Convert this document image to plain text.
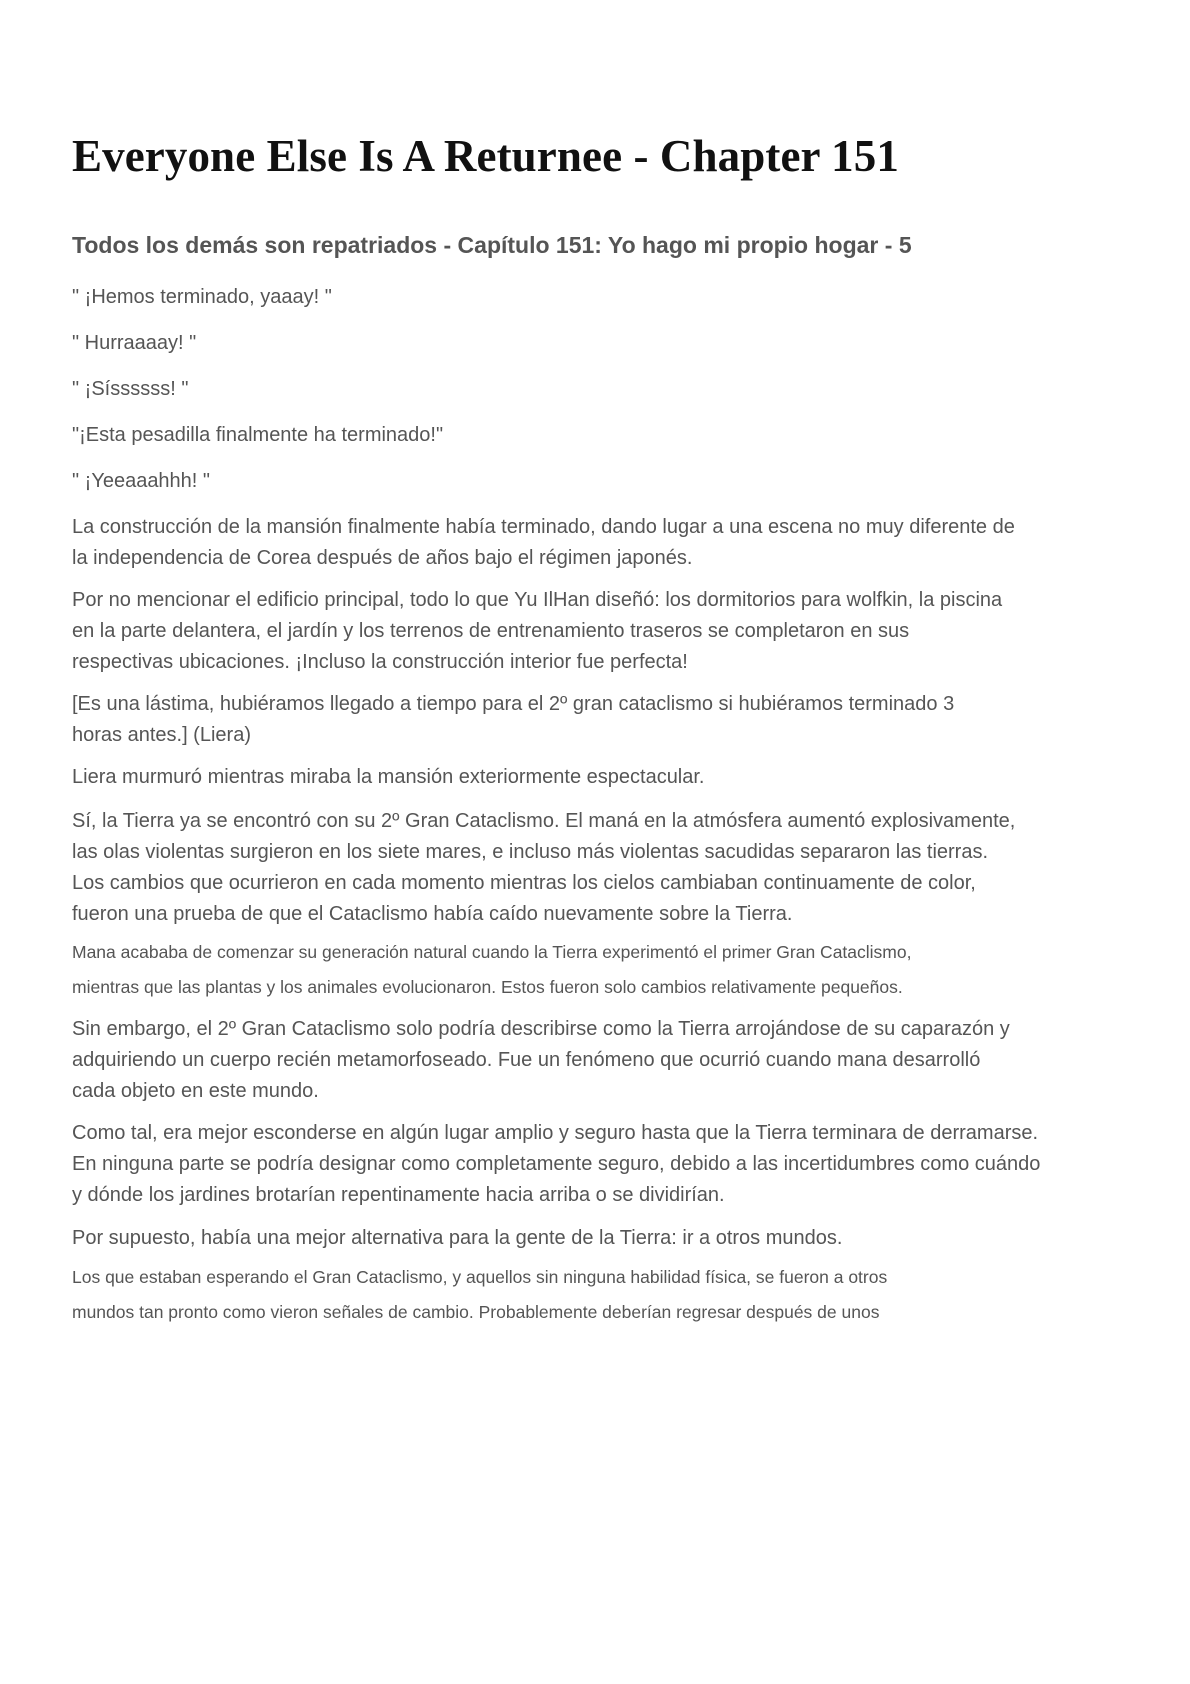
Everyone Else Is A Returnee - Chapter 151
Todos los demás son repatriados - Capítulo 151: Yo hago mi propio hogar - 5

" ¡Hemos terminado, yaaay! "

" Hurraaaay! "

" ¡Síssssss! "

"¡Esta pesadilla finalmente ha terminado!"

" ¡Yeeaaahhh! "

La construcción de la mansión finalmente había terminado, dando lugar a una escena no muy diferente de
la independencia de Corea después de años bajo el régimen japonés.

Por no mencionar el edificio principal, todo lo que Yu IlHan diseñó: los dormitorios para wolfkin, la piscina
en la parte delantera, el jardín y los terrenos de entrenamiento traseros se completaron en sus
respectivas ubicaciones. ¡Incluso la construcción interior fue perfecta!

[Es una lástima, hubiéramos llegado a tiempo para el 2º gran cataclismo si hubiéramos terminado 3
horas antes.] (Liera)

Liera murmuró mientras miraba la mansión exteriormente espectacular.

Sí, la Tierra ya se encontró con su 2º Gran Cataclismo. El maná en la atmósfera aumentó explosivamente,
las olas violentas surgieron en los siete mares, e incluso más violentas sacudidas separaron las tierras.
Los cambios que ocurrieron en cada momento mientras los cielos cambiaban continuamente de color,
fueron una prueba de que el Cataclismo había caído nuevamente sobre la Tierra.

Mana acababa de comenzar su generación natural cuando la Tierra experimentó el primer Gran Cataclismo,
mientras que las plantas y los animales evolucionaron. Estos fueron solo cambios relativamente pequeños.

Sin embargo, el 2º Gran Cataclismo solo podría describirse como la Tierra arrojándose de su caparazón y
adquiriendo un cuerpo recién metamorfoseado. Fue un fenómeno que ocurrió cuando mana desarrolló
cada objeto en este mundo.

Como tal, era mejor esconderse en algún lugar amplio y seguro hasta que la Tierra terminara de derramarse.
En ninguna parte se podría designar como completamente seguro, debido a las incertidumbres como cuándo
y dónde los jardines brotarían repentinamente hacia arriba o se dividirían.

Por supuesto, había una mejor alternativa para la gente de la Tierra: ir a otros mundos.

Los que estaban esperando el Gran Cataclismo, y aquellos sin ninguna habilidad física, se fueron a otros
mundos tan pronto como vieron señales de cambio. Probablemente deberían regresar después de unos
